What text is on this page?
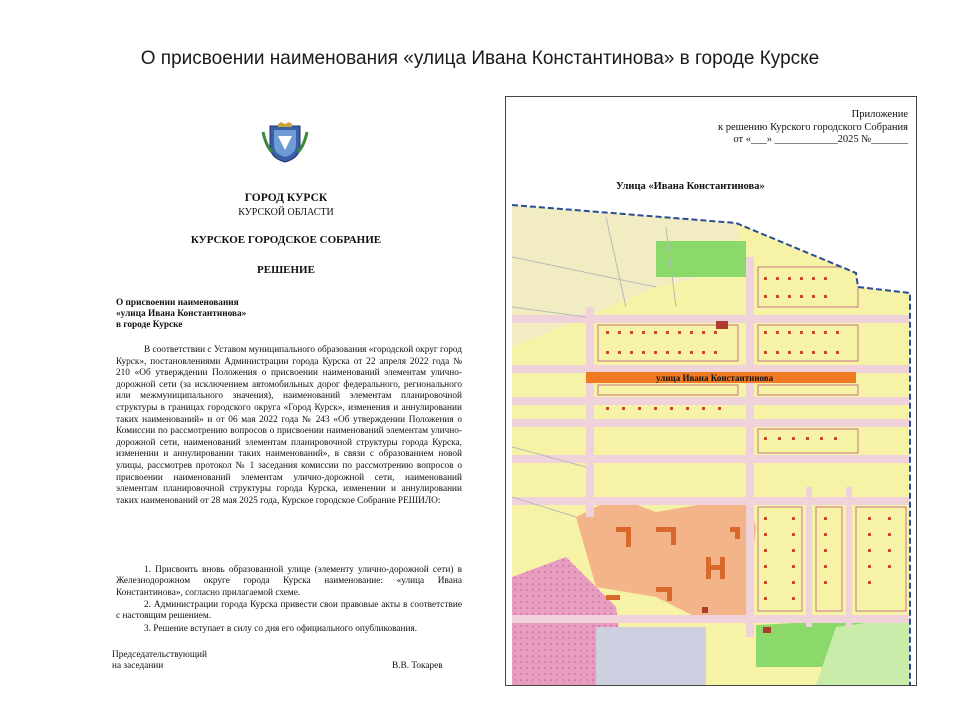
О присвоении наименования «улица Ивана Константинова» в городе Курске
ГОРОД КУРСК
КУРСКОЙ ОБЛАСТИ
КУРСКОЕ ГОРОДСКОЕ СОБРАНИЕ
РЕШЕНИЕ
О присвоении наименования
«улица Ивана Константинова»
в городе Курске
В соответствии с Уставом муниципального образования «городской округ город Курск», постановлениями Администрации города Курска от 22 апреля 2022 года № 210 «Об утверждении Положения о присвоении наименований элементам улично-дорожной сети (за исключением автомобильных дорог федерального, регионального или межмуниципального значения), наименований элементам планировочной структуры в границах городского округа «Город Курск», изменения и аннулировании таких наименований» и от 06 мая 2022 года № 243 «Об утверждении Положения о Комиссии по рассмотрению вопросов о присвоении наименований элементам улично-дорожной сети, наименований элементам планировочной структуры города Курска, изменении и аннулировании таких наименований», в связи с образованием новой улицы, рассмотрев протокол № 1 заседания комиссии по рассмотрению вопросов о присвоении наименований элементам улично-дорожной сети, наименований элементам планировочной структуры города Курска, изменении и аннулировании таких наименований от 28 мая 2025 года, Курское городское Собрание РЕШИЛО:
1. Присвоить вновь образованной улице (элементу улично-дорожной сети) в Железнодорожном округе города Курска наименование: «улица Ивана Константинова», согласно прилагаемой схеме.
2. Администрации города Курска привести свои правовые акты в соответствие с настоящим решением.
3. Решение вступает в силу со дня его официального опубликования.
Председательствующий
на заседании	В.В. Токарев
Приложение
к решению Курского городского Собрания
от «___» ____________2025 №_______
Улица «Ивана Константинова»
улица Ивана Константинова
